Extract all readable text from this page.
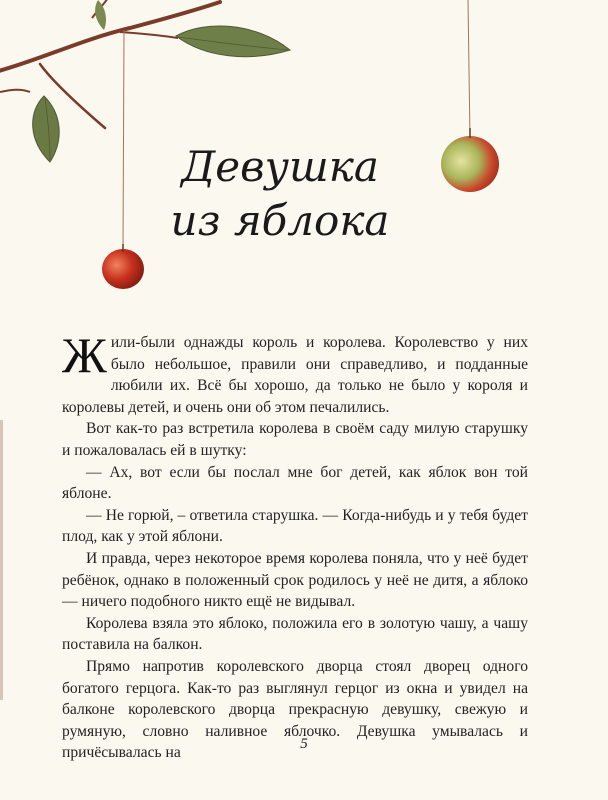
Девушка
из яблока

Жили-были однажды король и королева. Королевство у них было небольшое, правили они справедливо, и подданные любили их. Всё бы хорошо, да только не было у короля и королевы детей, и очень они об этом печалились.

Вот как-то раз встретила королева в своём саду милую старушку и пожаловалась ей в шутку:

— Ах, вот если бы послал мне бог детей, как яблок вон той яблоне.

— Не горюй, – ответила старушка. — Когда-нибудь и у тебя будет плод, как у этой яблони.

И правда, через некоторое время королева поняла, что у неё будет ребёнок, однако в положенный срок родилось у неё не дитя, а яблоко — ничего подобного никто ещё не видывал.

Королева взяла это яблоко, положила его в золотую чашу, а чашу поставила на балкон.

Прямо напротив королевского дворца стоял дворец одного богатого герцога. Как-то раз выглянул герцог из окна и увидел на балконе королевского дворца прекрасную девушку, свежую и румяную, словно наливное яблочко. Девушка умывалась и причёсывалась на

5
